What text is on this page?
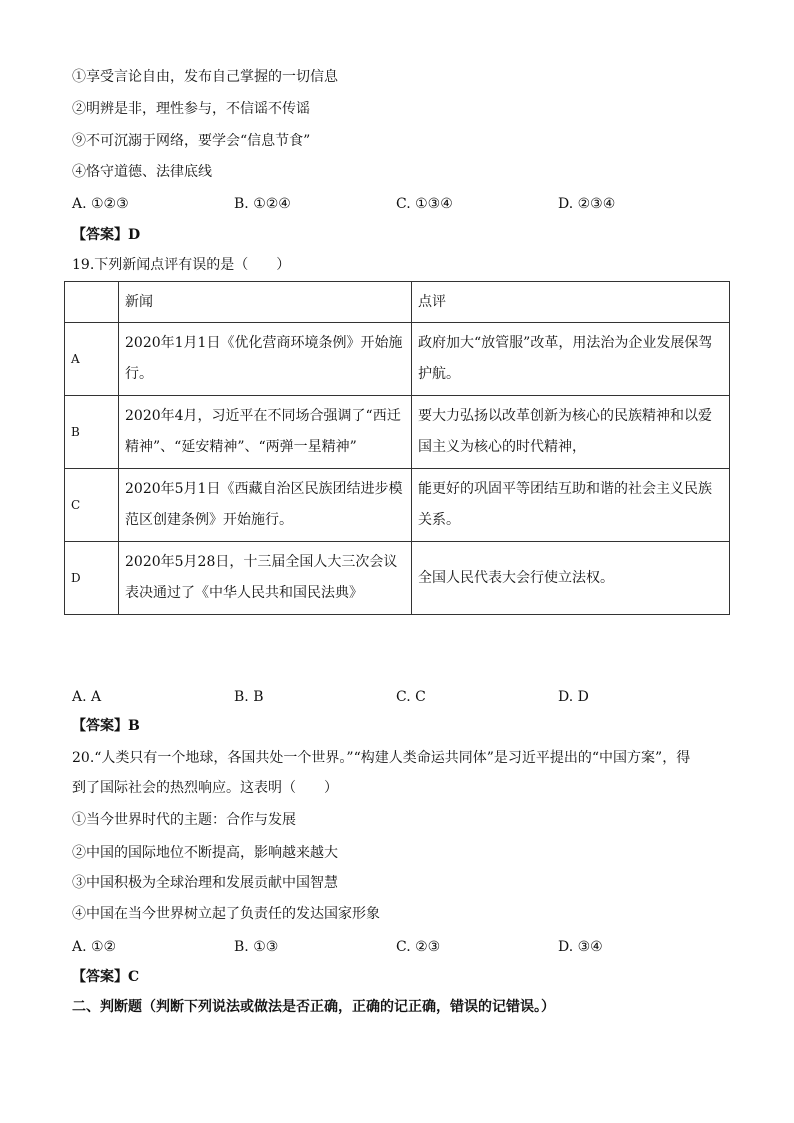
①享受言论自由，发布自己掌握的一切信息
②明辨是非，理性参与，不信谣不传谣
⑨不可沉溺于网络，要学会“信息节食”
④恪守道德、法律底线
A. ①②③	B. ①②④	C. ①③④	D. ②③④
【答案】D
19.下列新闻点评有误的是（　　）
	新闻	点评
A	2020年1月1日《优化营商环境条例》开始施行。	政府加大“放管服”改革，用法治为企业发展保驾护航。
B	2020年4月，习近平在不同场合强调了“西迁精神”、“延安精神”、“两弹一星精神”	要大力弘扬以改革创新为核心的民族精神和以爱国主义为核心的时代精神，
C	2020年5月1日《西藏自治区民族团结进步模范区创建条例》开始施行。	能更好的巩固平等团结互助和谐的社会主义民族关系。
D	2020年5月28日，十三届全国人大三次会议表决通过了《中华人民共和国民法典》	全国人民代表大会行使立法权。
A. A	B. B	C. C	D. D
【答案】B
20.“人类只有一个地球，各国共处一个世界。”“构建人类命运共同体”是习近平提出的“中国方案”，得
到了国际社会的热烈响应。这表明（　　）
①当今世界时代的主题：合作与发展
②中国的国际地位不断提高，影响越来越大
③中国积极为全球治理和发展贡献中国智慧
④中国在当今世界树立起了负责任的发达国家形象
A. ①②	B. ①③	C. ②③	D. ③④
【答案】C
二、判断题（判断下列说法或做法是否正确，正确的记正确，错误的记错误。）
